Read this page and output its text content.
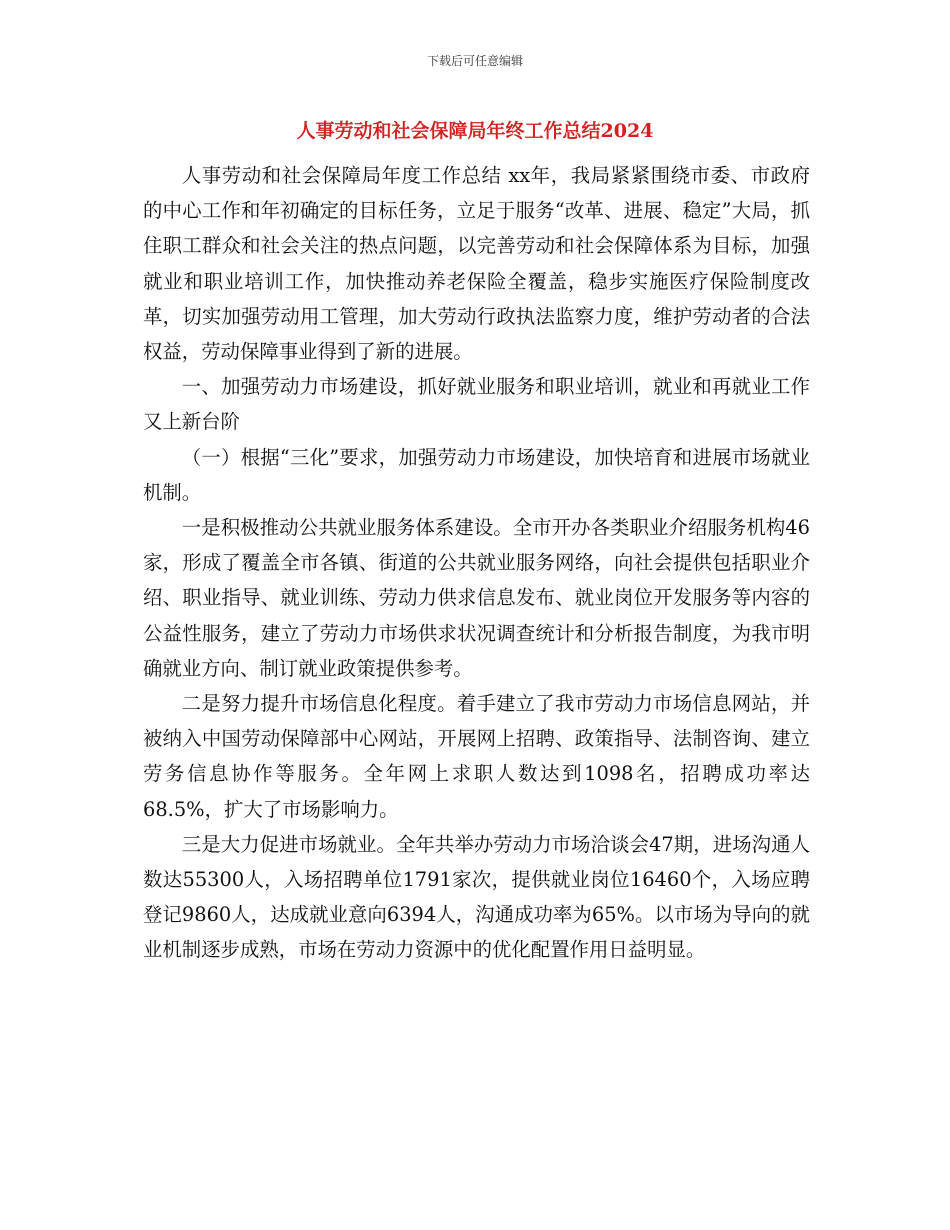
下载后可任意编辑
人事劳动和社会保障局年终工作总结2024

人事劳动和社会保障局年度工作总结 xx年，我局紧紧围绕市委、市政府的中心工作和年初确定的目标任务，立足于服务“改革、进展、稳定”大局，抓住职工群众和社会关注的热点问题，以完善劳动和社会保障体系为目标，加强就业和职业培训工作，加快推动养老保险全覆盖，稳步实施医疗保险制度改革，切实加强劳动用工管理，加大劳动行政执法监察力度，维护劳动者的合法权益，劳动保障事业得到了新的进展。

一、加强劳动力市场建设，抓好就业服务和职业培训，就业和再就业工作又上新台阶

（一）根据“三化”要求，加强劳动力市场建设，加快培育和进展市场就业机制。

一是积极推动公共就业服务体系建设。全市开办各类职业介绍服务机构46家，形成了覆盖全市各镇、街道的公共就业服务网络，向社会提供包括职业介绍、职业指导、就业训练、劳动力供求信息发布、就业岗位开发服务等内容的公益性服务，建立了劳动力市场供求状况调查统计和分析报告制度，为我市明确就业方向、制订就业政策提供参考。

二是努力提升市场信息化程度。着手建立了我市劳动力市场信息网站，并被纳入中国劳动保障部中心网站，开展网上招聘、政策指导、法制咨询、建立劳务信息协作等服务。全年网上求职人数达到1098名，招聘成功率达68.5%，扩大了市场影响力。

三是大力促进市场就业。全年共举办劳动力市场洽谈会47期，进场沟通人数达55300人，入场招聘单位1791家次，提供就业岗位16460个，入场应聘登记9860人，达成就业意向6394人，沟通成功率为65%。以市场为导向的就业机制逐步成熟，市场在劳动力资源中的优化配置作用日益明显。
